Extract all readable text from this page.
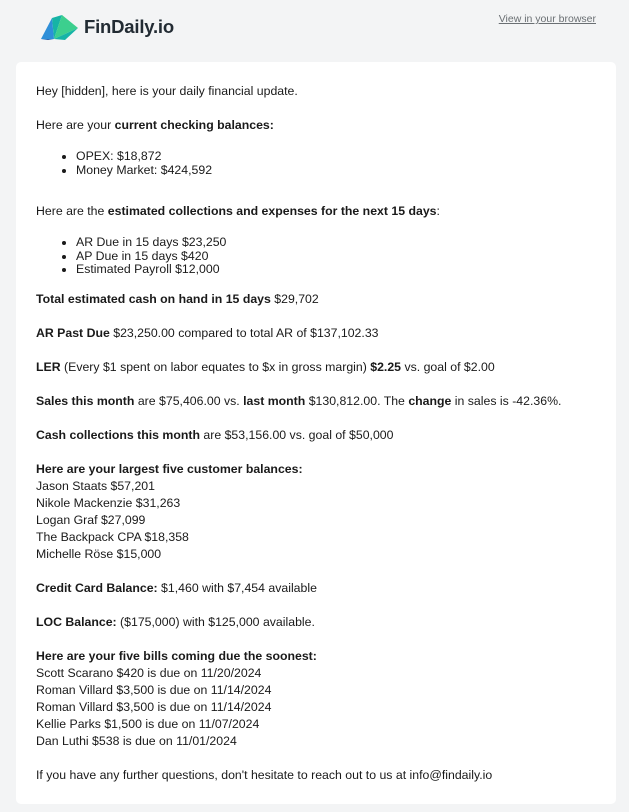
FinDaily.io	View in your browser

Hey [hidden], here is your daily financial update.

Here are your current checking balances:

• OPEX: $18,872
• Money Market: $424,592

Here are the estimated collections and expenses for the next 15 days:

• AR Due in 15 days $23,250
• AP Due in 15 days $420
• Estimated Payroll $12,000

Total estimated cash on hand in 15 days $29,702

AR Past Due $23,250.00 compared to total AR of $137,102.33

LER (Every $1 spent on labor equates to $x in gross margin) $2.25 vs. goal of $2.00

Sales this month are $75,406.00 vs. last month $130,812.00. The change in sales is -42.36%.

Cash collections this month are $53,156.00 vs. goal of $50,000

Here are your largest five customer balances:
Jason Staats $57,201
Nikole Mackenzie $31,263
Logan Graf $27,099
The Backpack CPA $18,358
Michelle Röse $15,000

Credit Card Balance: $1,460 with $7,454 available

LOC Balance: ($175,000) with $125,000 available.

Here are your five bills coming due the soonest:
Scott Scarano $420 is due on 11/20/2024
Roman Villard $3,500 is due on 11/14/2024
Roman Villard $3,500 is due on 11/14/2024
Kellie Parks $1,500 is due on 11/07/2024
Dan Luthi $538 is due on 11/01/2024

If you have any further questions, don't hesitate to reach out to us at info@findaily.io
